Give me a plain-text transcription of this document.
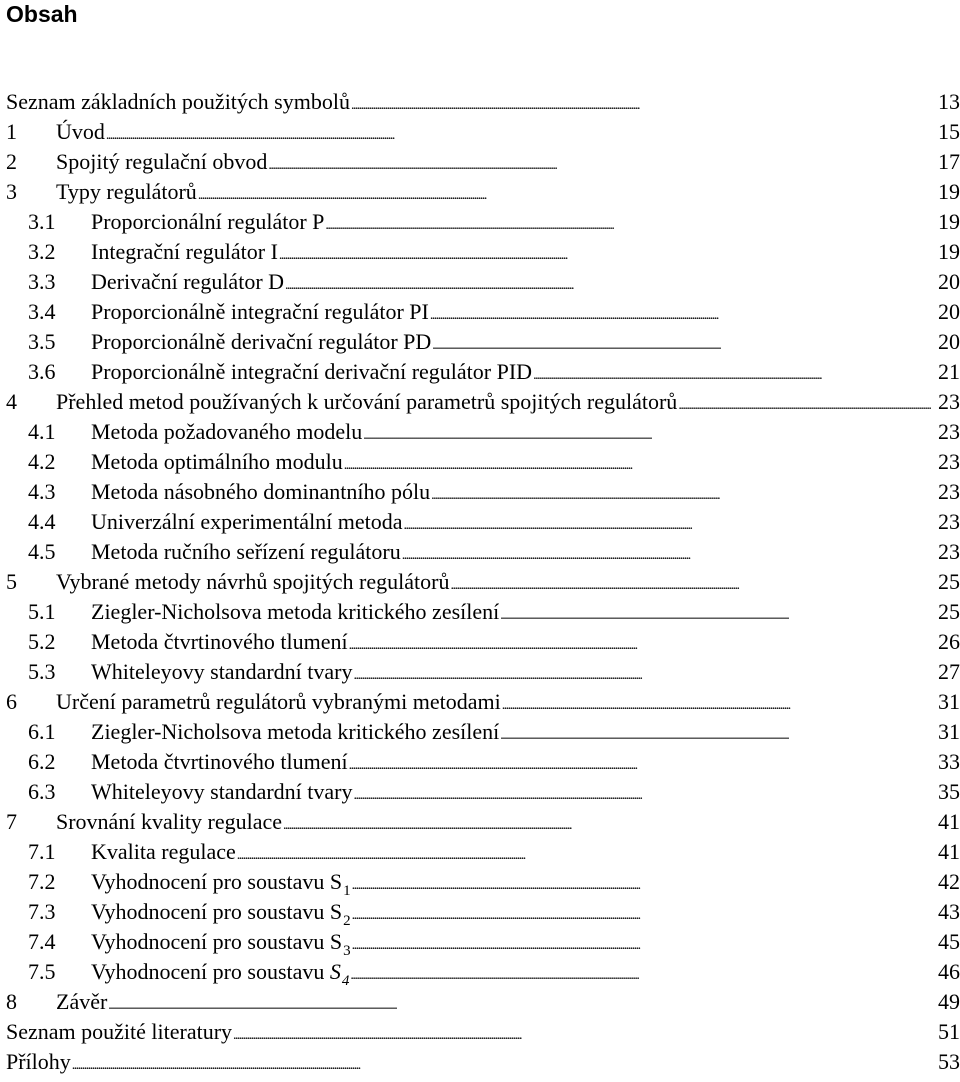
Obsah
Seznam základních použitých symbolů . . .	13
1	Úvod . . .	15
2	Spojitý regulační obvod . . .	17
3	Typy regulátorů . . .	19
3.1	Proporcionální regulátor P . . .	19
3.2	Integrační regulátor I . . .	19
3.3	Derivační regulátor D . . .	20
3.4	Proporcionálně integrační regulátor PI . . .	20
3.5	Proporcionálně derivační regulátor PD . . .	20
3.6	Proporcionálně integrační derivační regulátor PID . . .	21
4	Přehled metod používaných k určování parametrů spojitých regulátorů . . .	23
4.1	Metoda požadovaného modelu . . .	23
4.2	Metoda optimálního modulu . . .	23
4.3	Metoda násobného dominantního pólu . . .	23
4.4	Univerzální experimentální metoda . . .	23
4.5	Metoda ručního seřízení regulátoru . . .	23
5	Vybrané metody návrhů spojitých regulátorů . . .	25
5.1	Ziegler-Nicholsova metoda kritického zesílení . . .	25
5.2	Metoda čtvrtinového tlumení . . .	26
5.3	Whiteleyovy standardní tvary . . .	27
6	Určení parametrů regulátorů vybranými metodami . . .	31
6.1	Ziegler-Nicholsova metoda kritického zesílení . . .	31
6.2	Metoda čtvrtinového tlumení . . .	33
6.3	Whiteleyovy standardní tvary . . .	35
7	Srovnání kvality regulace . . .	41
7.1	Kvalita regulace . . .	41
7.2	Vyhodnocení pro soustavu $S_1$ . . .	42
7.3	Vyhodnocení pro soustavu $S_2$ . . .	43
7.4	Vyhodnocení pro soustavu $S_3$ . . .	45
7.5	Vyhodnocení pro soustavu $S_4$ . . .	46
8	Závěr . . .	49
Seznam použité literatury . . .	51
Přílohy . . .	53
